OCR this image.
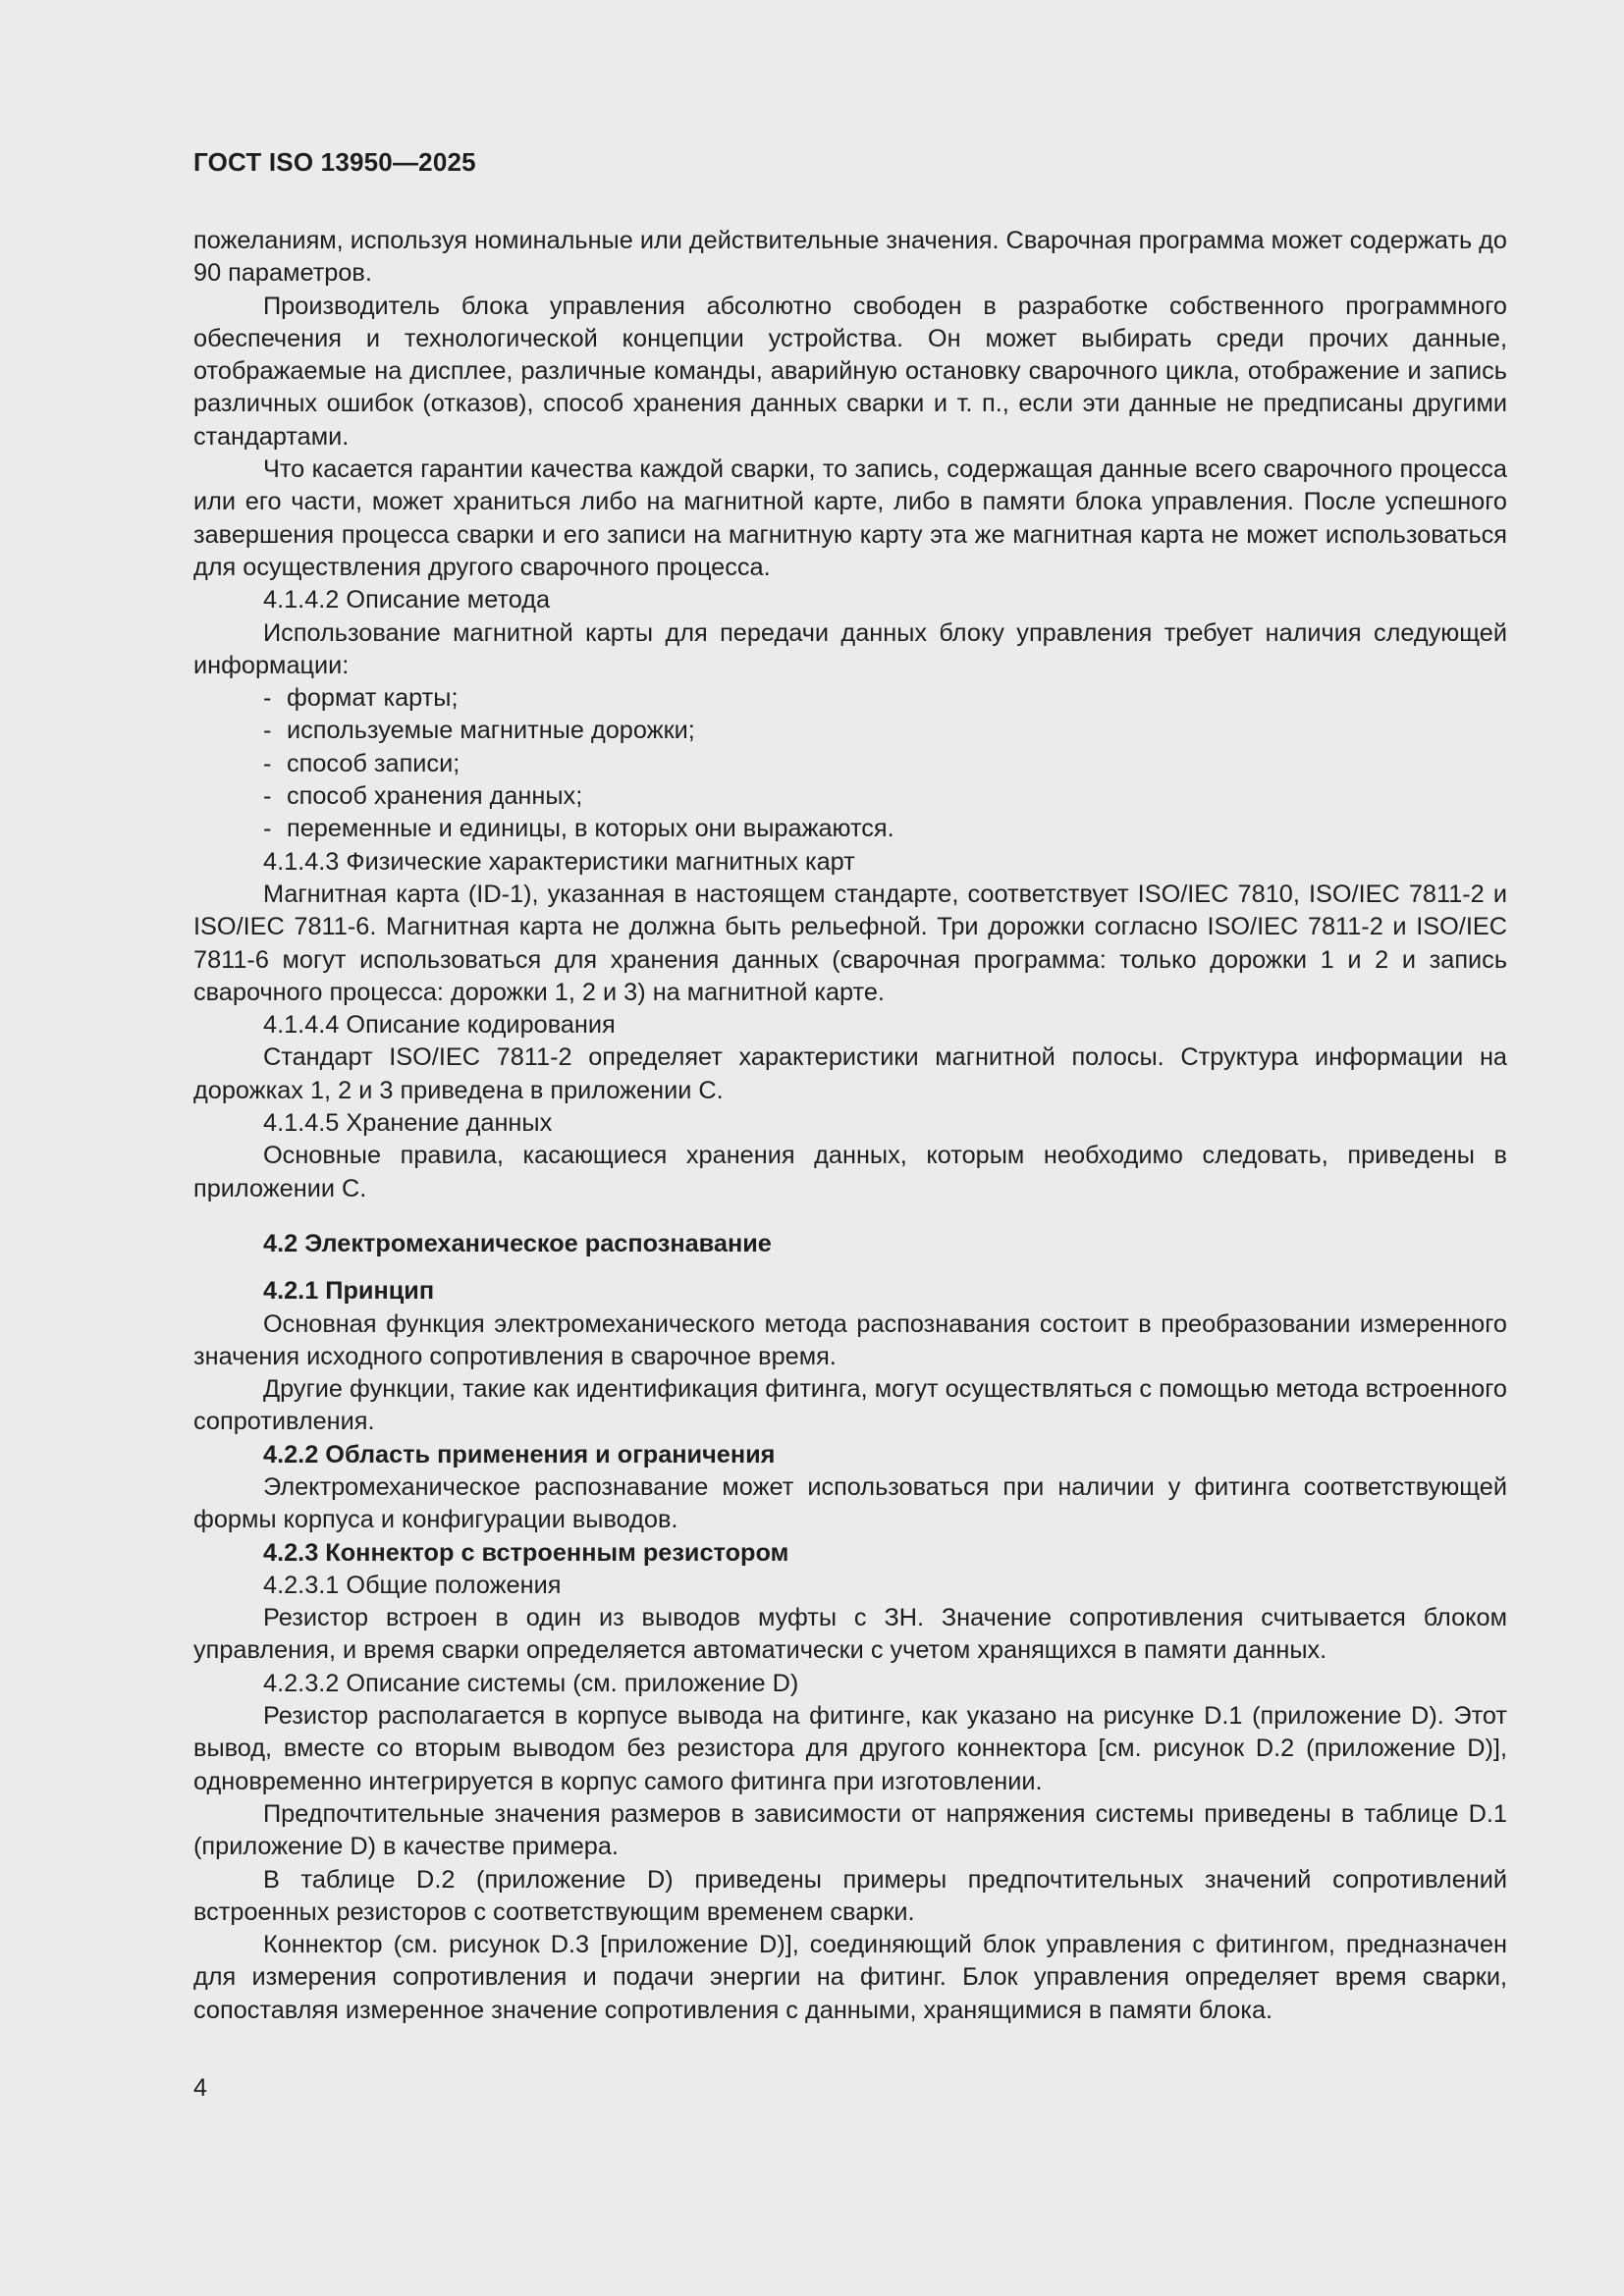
ГОСТ ISO 13950—2025

пожеланиям, используя номинальные или действительные значения. Сварочная программа может содержать до 90 параметров.

Производитель блока управления абсолютно свободен в разработке собственного программного обеспечения и технологической концепции устройства. Он может выбирать среди прочих данные, отображаемые на дисплее, различные команды, аварийную остановку сварочного цикла, отображение и запись различных ошибок (отказов), способ хранения данных сварки и т. п., если эти данные не предписаны другими стандартами.

Что касается гарантии качества каждой сварки, то запись, содержащая данные всего сварочного процесса или его части, может храниться либо на магнитной карте, либо в памяти блока управления. После успешного завершения процесса сварки и его записи на магнитную карту эта же магнитная карта не может использоваться для осуществления другого сварочного процесса.

4.1.4.2 Описание метода

Использование магнитной карты для передачи данных блоку управления требует наличия следующей информации:

- формат карты;

- используемые магнитные дорожки;

- способ записи;

- способ хранения данных;

- переменные и единицы, в которых они выражаются.

4.1.4.3 Физические характеристики магнитных карт

Магнитная карта (ID-1), указанная в настоящем стандарте, соответствует ISO/IEC 7810, ISO/IEC 7811-2 и ISO/IEC 7811-6. Магнитная карта не должна быть рельефной. Три дорожки согласно ISO/IEC 7811-2 и ISO/IEC 7811-6 могут использоваться для хранения данных (сварочная программа: только дорожки 1 и 2 и запись сварочного процесса: дорожки 1, 2 и 3) на магнитной карте.

4.1.4.4 Описание кодирования

Стандарт ISO/IEC 7811-2 определяет характеристики магнитной полосы. Структура информации на дорожках 1, 2 и 3 приведена в приложении С.

4.1.4.5 Хранение данных

Основные правила, касающиеся хранения данных, которым необходимо следовать, приведены в приложении С.

4.2 Электромеханическое распознавание

4.2.1 Принцип

Основная функция электромеханического метода распознавания состоит в преобразовании измеренного значения исходного сопротивления в сварочное время.

Другие функции, такие как идентификация фитинга, могут осуществляться с помощью метода встроенного сопротивления.

4.2.2 Область применения и ограничения

Электромеханическое распознавание может использоваться при наличии у фитинга соответствующей формы корпуса и конфигурации выводов.

4.2.3 Коннектор с встроенным резистором

4.2.3.1 Общие положения

Резистор встроен в один из выводов муфты с ЗН. Значение сопротивления считывается блоком управления, и время сварки определяется автоматически с учетом хранящихся в памяти данных.

4.2.3.2 Описание системы (см. приложение D)

Резистор располагается в корпусе вывода на фитинге, как указано на рисунке D.1 (приложение D). Этот вывод, вместе со вторым выводом без резистора для другого коннектора [см. рисунок D.2 (приложение D)], одновременно интегрируется в корпус самого фитинга при изготовлении.

Предпочтительные значения размеров в зависимости от напряжения системы приведены в таблице D.1 (приложение D) в качестве примера.

В таблице D.2 (приложение D) приведены примеры предпочтительных значений сопротивлений встроенных резисторов с соответствующим временем сварки.

Коннектор (см. рисунок D.3 [приложение D)], соединяющий блок управления с фитингом, предназначен для измерения сопротивления и подачи энергии на фитинг. Блок управления определяет время сварки, сопоставляя измеренное значение сопротивления с данными, хранящимися в памяти блока.

4
